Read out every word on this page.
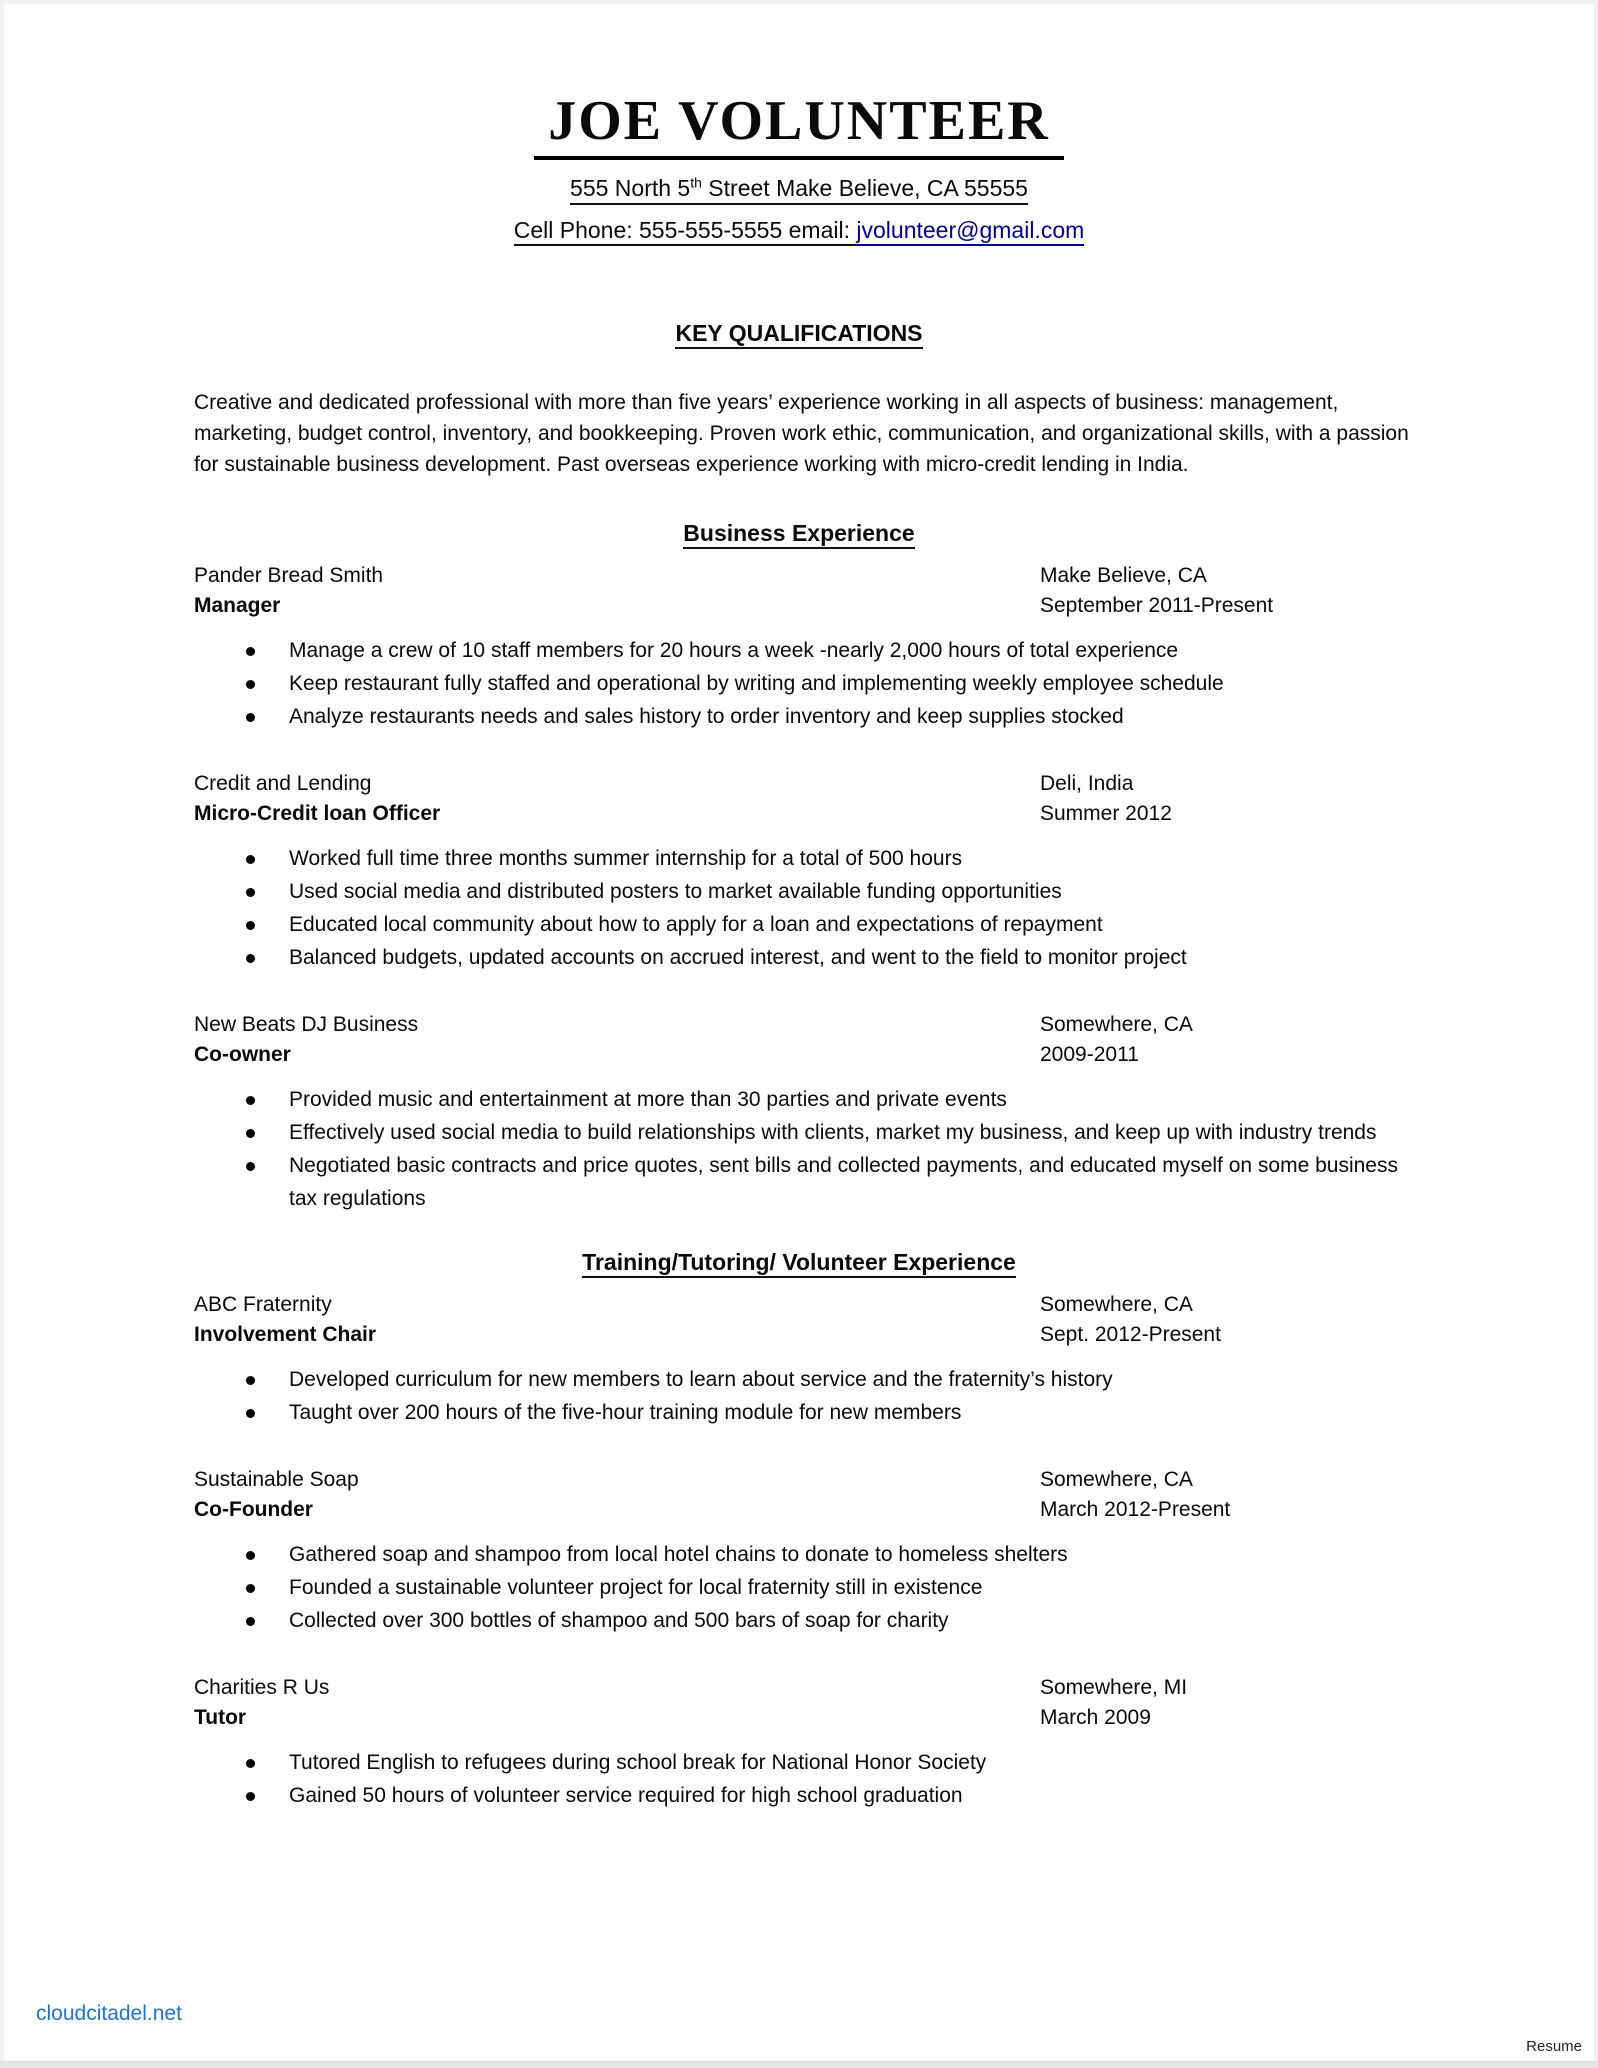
JOE VOLUNTEER
555 North 5th Street Make Believe, CA 55555
Cell Phone: 555-555-5555 email: jvolunteer@gmail.com
KEY QUALIFICATIONS

Creative and dedicated professional with more than five years’ experience working in all aspects of business: management, marketing, budget control, inventory, and bookkeeping. Proven work ethic, communication, and organizational skills, with a passion for sustainable business development. Past overseas experience working with micro-credit lending in India.

Business Experience
Pander Bread Smith	Make Believe, CA
Manager	September 2011-Present
Manage a crew of 10 staff members for 20 hours a week -nearly 2,000 hours of total experience
Keep restaurant fully staffed and operational by writing and implementing weekly employee schedule
Analyze restaurants needs and sales history to order inventory and keep supplies stocked
Credit and Lending	Deli, India
Micro-Credit loan Officer	Summer 2012
Worked full time three months summer internship for a total of 500 hours
Used social media and distributed posters to market available funding opportunities
Educated local community about how to apply for a loan and expectations of repayment
Balanced budgets, updated accounts on accrued interest, and went to the field to monitor project
New Beats DJ Business	Somewhere, CA
Co-owner	2009-2011
Provided music and entertainment at more than 30 parties and private events
Effectively used social media to build relationships with clients, market my business, and keep up with industry trends
Negotiated basic contracts and price quotes, sent bills and collected payments, and educated myself on some business tax regulations
Training/Tutoring/ Volunteer Experience
ABC Fraternity	Somewhere, CA
Involvement Chair	Sept. 2012-Present
Developed curriculum for new members to learn about service and the fraternity’s history
Taught over 200 hours of the five-hour training module for new members
Sustainable Soap	Somewhere, CA
Co-Founder	March 2012-Present
Gathered soap and shampoo from local hotel chains to donate to homeless shelters
Founded a sustainable volunteer project for local fraternity still in existence
Collected over 300 bottles of shampoo and 500 bars of soap for charity
Charities R Us	Somewhere, MI
Tutor	March 2009
Tutored English to refugees during school break for National Honor Society
Gained 50 hours of volunteer service required for high school graduation
cloudcitadel.net
Resume
